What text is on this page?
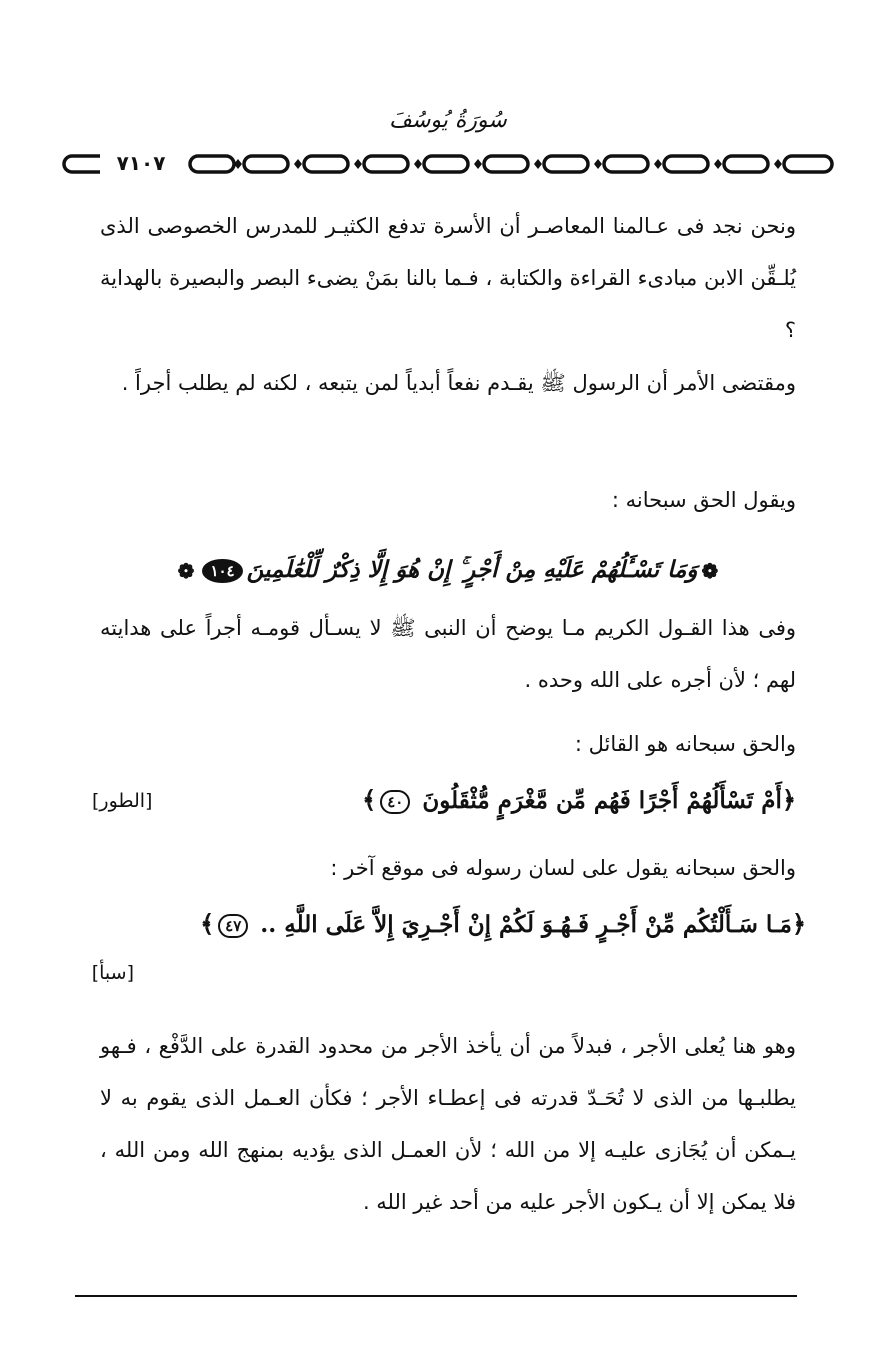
سُورَةُ يُوسُفَ
٧١٠٧
ونحن نجد فى عـالمنا المعاصـر أن الأسرة تدفع الكثيـر للمدرس الخصوصى الذى يُلـقِّن الابن مبادىء القراءة والكتابة ، فـما بالنا بمَنْ يضىء البصر والبصيرة بالهداية ؟
ومقتضى الأمر أن الرسول ﷺ يقـدم نفعاً أبدياً لمن يتبعه ، لكنه لم يطلب أجراً .
ويقول الحق سبحانه :
❁وَمَا تَسْـَٔلُهُمْ عَلَيْهِ مِنْ أَجْرٍ ۚ إِنْ هُوَ إِلَّا ذِكْرٌ لِّلْعَٰلَمِينَ١٠٤❁
وفى هذا القـول الكريم مـا يوضح أن النبى ﷺ لا يسـأل قومـه أجراً على هدايته لهم ؛ لأن أجره على الله وحده .
والحق سبحانه هو القائل :
﴿أَمْ تَسْأَلُهُمْ أَجْرًا فَهُم مِّن مَّغْرَمٍ مُّثْقَلُونَ ٤٠﴾
[الطور]
والحق سبحانه يقول على لسان رسوله فى موقع آخر :
﴿مَـا سَـأَلْتُكُم مِّنْ أَجْـرٍ فَـهُـوَ لَكُمْ إِنْ أَجْـرِيَ إِلاَّ عَلَى اللَّهِ .. ٤٧﴾
[سبأ]
وهو هنا يُعلى الأجر ، فبدلاً من أن يأخذ الأجر من محدود القدرة على الدَّفْع ، فـهو يطلبـها من الذى لا تُحَـدّ قدرته فى إعطـاء الأجر ؛ فكأن العـمل الذى يقوم به لا يـمكن أن يُجَازى عليـه إلا من الله ؛ لأن العمـل الذى يؤديه بمنهج الله ومن الله ، فلا يمكن إلا أن يـكون الأجر عليه من أحد غير الله .
